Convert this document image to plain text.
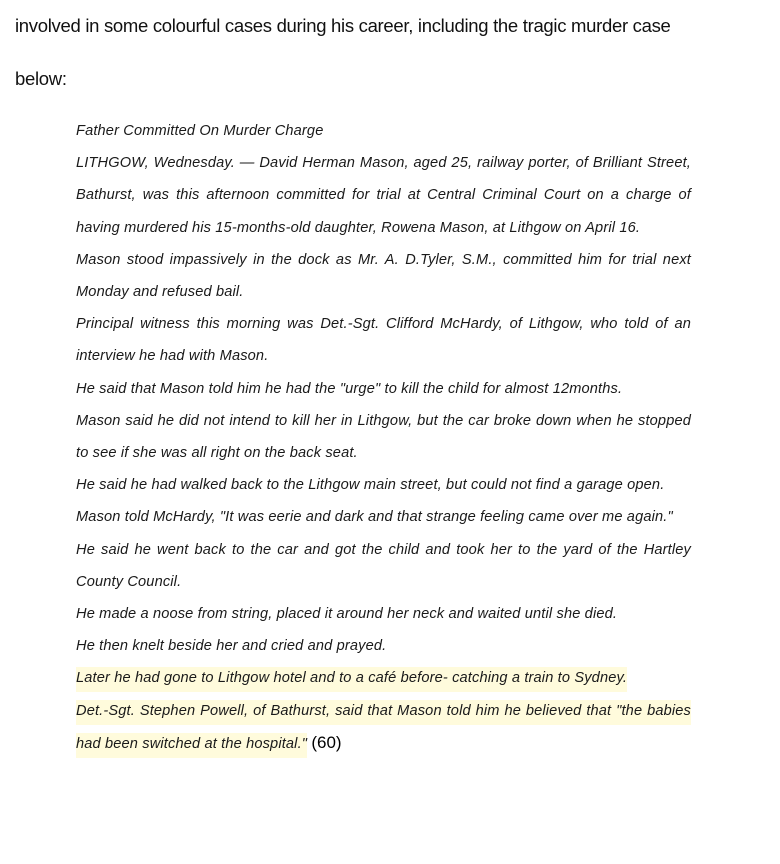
involved in some colourful cases during his career, including the tragic murder case
below:

Father Committed On Murder Charge

LITHGOW, Wednesday. — David Herman Mason, aged 25, railway porter, of Brilliant Street, Bathurst, was this afternoon committed for trial at Central Criminal Court on a charge of having murdered his 15-months-old daughter, Rowena Mason, at Lithgow on April 16.

Mason stood impassively in the dock as Mr. A. D.Tyler, S.M., committed him for trial next Monday and refused bail.

Principal witness this morning was Det.-Sgt. Clifford McHardy, of Lithgow, who told of an interview he had with Mason.

He said that Mason told him he had the "urge" to kill the child for almost 12months.

Mason said he did not intend to kill her in Lithgow, but the car broke down when he stopped to see if she was all right on the back seat.

He said he had walked back to the Lithgow main street, but could not find a garage open.

Mason told McHardy, "It was eerie and dark and that strange feeling came over me again."

He said he went back to the car and got the child and took her to the yard of the Hartley County Council.

He made a noose from string, placed it around her neck and waited until she died.

He then knelt beside her and cried and prayed.

Later he had gone to Lithgow hotel and to a café before- catching a train to Sydney.

Det.-Sgt. Stephen Powell, of Bathurst, said that Mason told him he believed that "the babies had been switched at the hospital." (60)
